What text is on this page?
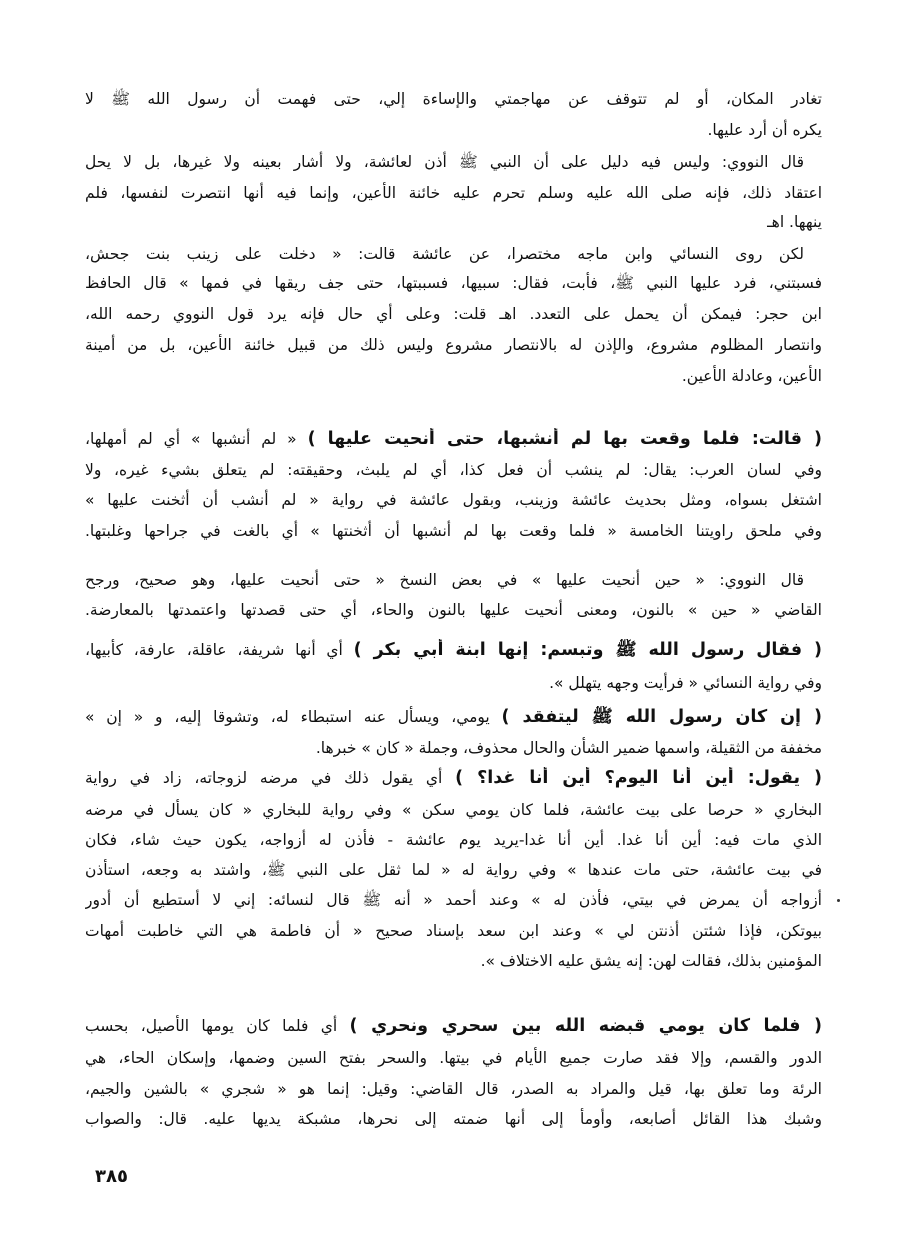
تغادر المكان، أو لم تتوقف عن مهاجمتي والإساءة إلي، حتى فهمت أن رسول الله ﷺ لا
يكره أن أرد عليها.
قال النووي: وليس فيه دليل على أن النبي ﷺ أذن لعائشة، ولا أشار بعينه ولا غيرها، بل لا يحل
اعتقاد ذلك، فإنه صلى الله عليه وسلم تحرم عليه خائنة الأعين، وإنما فيه أنها انتصرت لنفسها، فلم
ينهها. اهـ
لكن روى النسائي وابن ماجه مختصرا، عن عائشة قالت: « دخلت على زينب بنت جحش،
فسبتني، فرد عليها النبي ﷺ، فأبت، فقال: سبيها، فسببتها، حتى جف ريقها في فمها » قال الحافظ
ابن حجر: فيمكن أن يحمل على التعدد. اهـ قلت: وعلى أي حال فإنه يرد قول النووي رحمه الله،
وانتصار المظلوم مشروع، والإذن له بالانتصار مشروع وليس ذلك من قبيل خائنة الأعين، بل من أمينة
الأعين، وعادلة الأعين.
( قالت: فلما وقعت بها لم أنشبها، حتى أنحيت عليها ) « لم أنشبها » أي لم أمهلها،
وفي لسان العرب: يقال: لم ينشب أن فعل كذا، أي لم يلبث، وحقيقته: لم يتعلق بشيء غيره، ولا
اشتغل بسواه، ومثل بحديث عائشة وزينب، وبقول عائشة في رواية « لم أنشب أن أثخنت عليها »
وفي ملحق راويتنا الخامسة « فلما وقعت بها لم أنشبها أن أثخنتها » أي بالغت في جراحها وغلبتها.
قال النووي: « حين أنحيت عليها » في بعض النسخ « حتى أنحيت عليها، وهو صحيح، ورجح
القاضي « حين » بالنون، ومعنى أنحيت عليها بالنون والحاء، أي حتى قصدتها واعتمدتها بالمعارضة.
( فقال رسول الله ﷺ وتبسم: إنها ابنة أبي بكر ) أي أنها شريفة، عاقلة، عارفة، كأبيها،
وفي رواية النسائي « فرأيت وجهه يتهلل ».
( إن كان رسول الله ﷺ ليتفقد ) يومي، ويسأل عنه استبطاء له، وتشوقا إليه، و « إن »
مخففة من الثقيلة، واسمها ضمير الشأن والحال محذوف، وجملة « كان » خبرها.
( يقول: أين أنا اليوم؟ أين أنا غدا؟ ) أي يقول ذلك في مرضه لزوجاته، زاد في رواية
البخاري « حرصا على بيت عائشة، فلما كان يومي سكن » وفي رواية للبخاري « كان يسأل في مرضه
الذي مات فيه: أين أنا غدا. أين أنا غدا-يريد يوم عائشة - فأذن له أزواجه، يكون حيث شاء، فكان
في بيت عائشة، حتى مات عندها » وفي رواية له « لما ثقل على النبي ﷺ، واشتد به وجعه، استأذن
أزواجه أن يمرض في بيتي، فأذن له » وعند أحمد « أنه ﷺ قال لنسائه: إني لا أستطيع أن أدور
بيوتكن، فإذا شئتن أذنتن لي » وعند ابن سعد بإسناد صحيح « أن فاطمة هي التي خاطبت أمهات
المؤمنين بذلك، فقالت لهن: إنه يشق عليه الاختلاف ».
( فلما كان يومي قبضه الله بين سحري ونحري ) أي فلما كان يومها الأصيل، بحسب
الدور والقسم، وإلا فقد صارت جميع الأيام في بيتها. والسحر بفتح السين وضمها، وإسكان الحاء، هي
الرئة وما تعلق بها، قيل والمراد به الصدر، قال القاضي: وقيل: إنما هو « شجري » بالشين والجيم،
وشبك هذا القائل أصابعه، وأومأ إلى أنها ضمته إلى نحرها، مشبكة يديها عليه. قال: والصواب
٣٨٥
